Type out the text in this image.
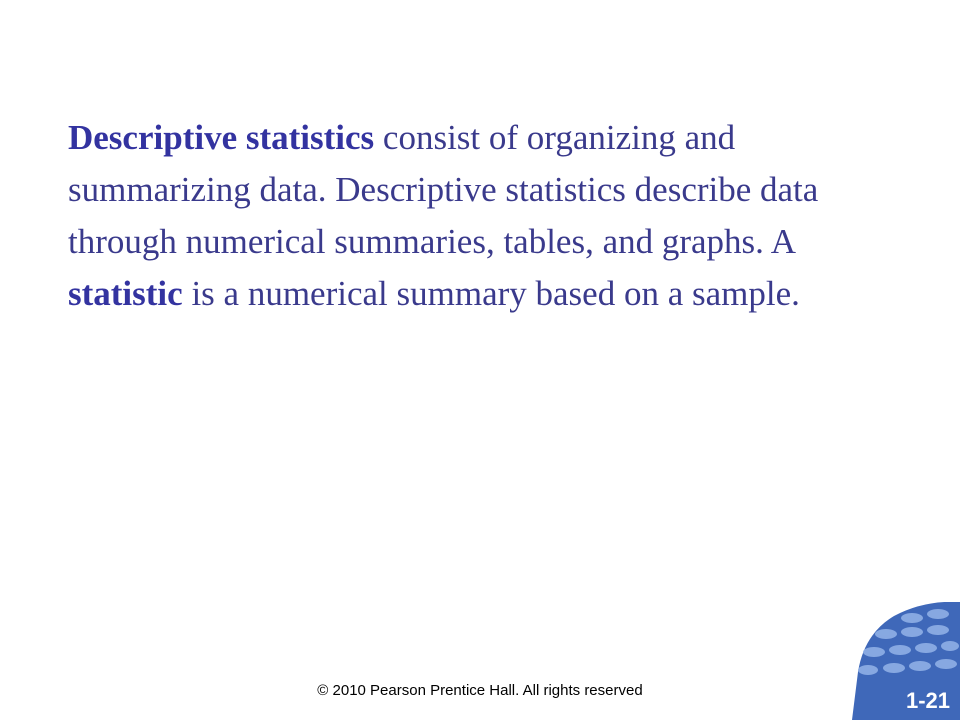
Descriptive statistics consist of organizing and summarizing data. Descriptive statistics describe data through numerical summaries, tables, and graphs. A statistic is a numerical summary based on a sample.
© 2010 Pearson Prentice Hall. All rights reserved	1-21
